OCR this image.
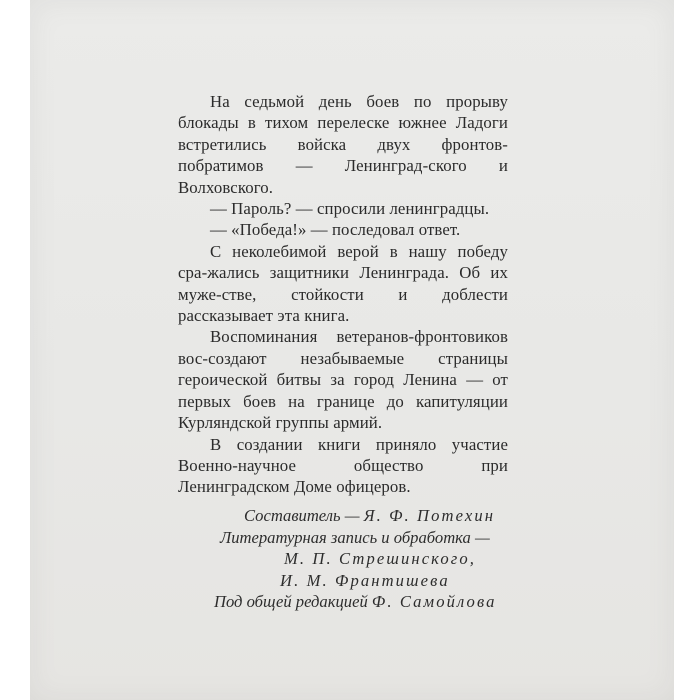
На седьмой день боев по прорыву блокады в тихом перелеске южнее Ладоги встретились войска двух фронтов-побратимов — Ленинград-ского и Волховского.

— Пароль? — спросили ленинградцы.

— «Победа!» — последовал ответ.

С неколебимой верой в нашу победу сра-жались защитники Ленинграда. Об их муже-стве, стойкости и доблести рассказывает эта книга.

Воспоминания ветеранов-фронтовиков вос-создают незабываемые страницы героической битвы за город Ленина — от первых боев на границе до капитуляции Курляндской группы армий.

В создании книги приняло участие Военно-научное общество при Ленинградском Доме офицеров.

Составитель — Я. Ф. Потехин
Литературная запись и обработка —
М. П. Стрешинского,
И. М. Франтишева
Под общей редакцией Ф. Самойлова
